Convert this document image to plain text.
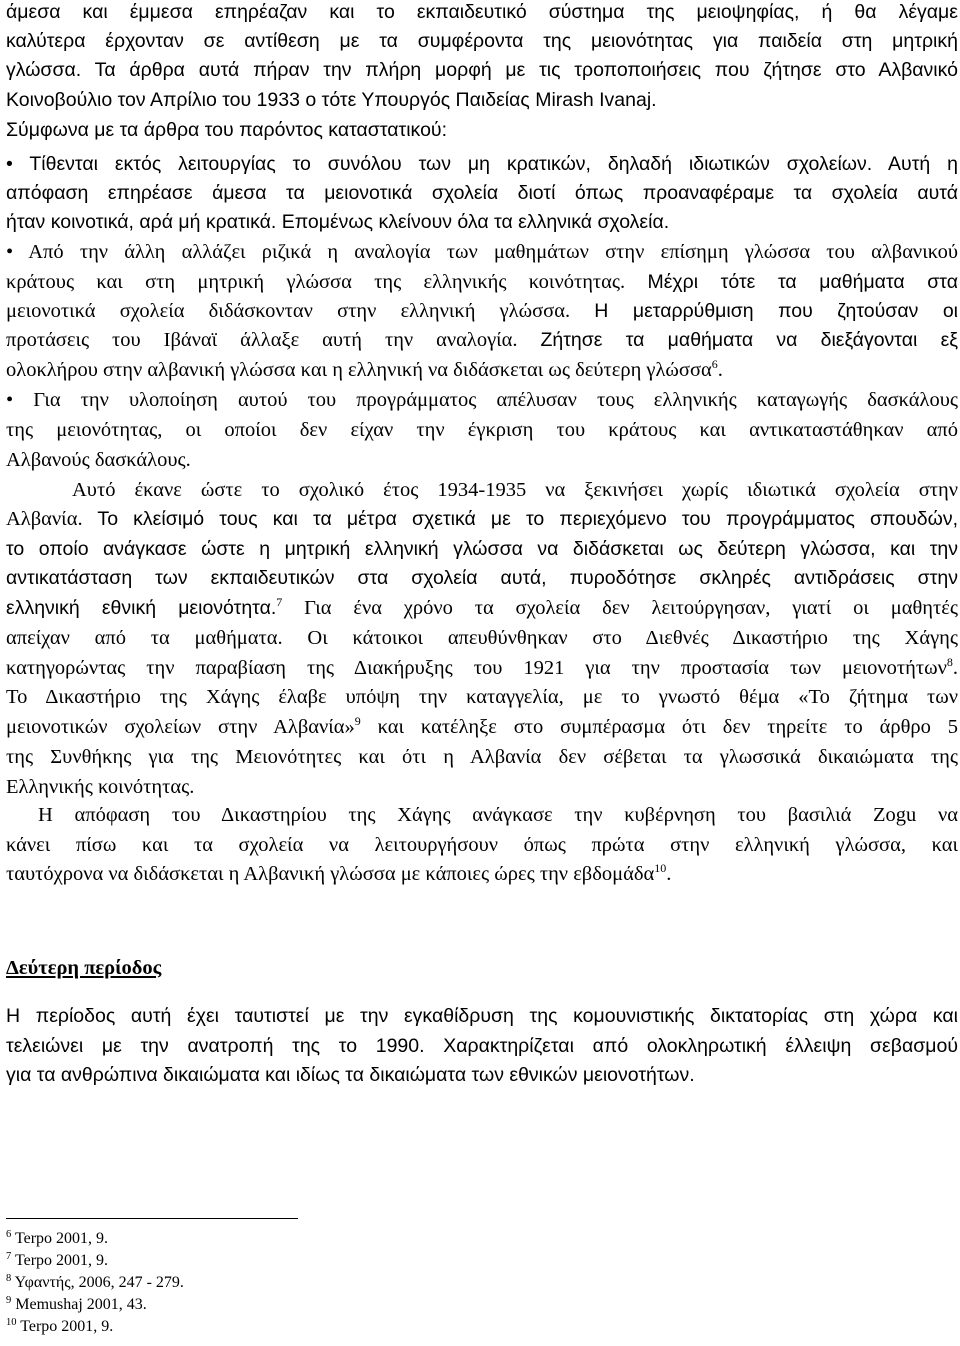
άμεσα και έμμεσα επηρέαζαν και το εκπαιδευτικό σύστημα της μειοψηφίας, ή θα λέγαμε
καλύτερα έρχονταν σε αντίθεση με τα συμφέροντα της μειονότητας για παιδεία στη μητρική
γλώσσα. Τα άρθρα αυτά πήραν την πλήρη μορφή με τις τροποποιήσεις που ζήτησε στο Αλβανικό
Κοινοβούλιο τον Απρίλιο του 1933 ο τότε Υπουργός Παιδείας Mirash Ivanaj.
Σύμφωνα με τα άρθρα του παρόντος καταστατικού:
• Τίθενται εκτός λειτουργίας το συνόλου των μη κρατικών, δηλαδή ιδιωτικών σχολείων. Αυτή η
απόφαση επηρέασε άμεσα τα μειονοτικά σχολεία διοτί όπως προαναφέραμε τα σχολεία αυτά
ήταν κοινοτικά, αρά μή κρατικά. Επομένως κλείνουν όλα τα ελληνικά σχολεία.
• Από την άλλη αλλάζει ριζικά η αναλογία των μαθημάτων στην επίσημη γλώσσα του αλβανικού
κράτους και στη μητρική γλώσσα της ελληνικής κοινότητας. Μέχρι τότε τα μαθήματα στα
μειονοτικά σχολεία διδάσκονταν στην ελληνική γλώσσα. Η μεταρρύθμιση που ζητούσαν οι
προτάσεις του Ιβάναϊ άλλαξε αυτή την αναλογία. Ζήτησε τα μαθήματα να διεξάγονται εξ
ολοκλήρου στην αλβανική γλώσσα και η ελληνική να διδάσκεται ως δεύτερη γλώσσα$^6$.
• Για την υλοποίηση αυτού του προγράμματος απέλυσαν τους ελληνικής καταγωγής δασκάλους
της μειονότητας, οι οποίοι δεν είχαν την έγκριση του κράτους και αντικαταστάθηκαν από
Αλβανούς δασκάλους.
Αυτό έκανε ώστε το σχολικό έτος 1934-1935 να ξεκινήσει χωρίς ιδιωτικά σχολεία στην
Αλβανία. Το κλείσιμό τους και τα μέτρα σχετικά με το περιεχόμενο του προγράμματος σπουδών,
το οποίο ανάγκασε ώστε η μητρική ελληνική γλώσσα να διδάσκεται ως δεύτερη γλώσσα, και την
αντικατάσταση των εκπαιδευτικών στα σχολεία αυτά, πυροδότησε σκληρές αντιδράσεις στην
ελληνική εθνική μειονότητα.$^7$ Για ένα χρόνο τα σχολεία δεν λειτούργησαν, γιατί οι μαθητές
απείχαν από τα μαθήματα. Οι κάτοικοι απευθύνθηκαν στο Διεθνές Δικαστήριο της Χάγης
κατηγορώντας την παραβίαση της Διακήρυξης του 1921 για την προστασία των μειονοτήτων$^8$.
Το Δικαστήριο της Χάγης έλαβε υπόψη την καταγγελία, με το γνωστό θέμα «Το ζήτημα των
μειονοτικών σχολείων στην Αλβανία»$^9$ και κατέληξε στο συμπέρασμα ότι δεν τηρείτε το άρθρο 5
της Συνθήκης για της Μειονότητες και ότι η Αλβανία δεν σέβεται τα γλωσσικά δικαιώματα της
Ελληνικής κοινότητας.
Η απόφαση του Δικαστηρίου της Χάγης ανάγκασε την κυβέρνηση του βασιλιά Zogu να
κάνει πίσω και τα σχολεία να λειτουργήσουν όπως πρώτα στην ελληνική γλώσσα, και
ταυτόχρονα να διδάσκεται η Αλβανική γλώσσα με κάποιες ώρες την εβδομάδα$^{10}$.
Δεύτερη περίοδος
Η περίοδος αυτή έχει ταυτιστεί με την εγκαθίδρυση της κομουνιστικής δικτατορίας στη χώρα και
τελειώνει με την ανατροπή της το 1990. Χαρακτηρίζεται από ολοκληρωτική έλλειψη σεβασμού
για τα ανθρώπινα δικαιώματα και ιδίως τα δικαιώματα των εθνικών μειονοτήτων.
$^6$ Terpo 2001, 9.
$^7$ Terpo 2001, 9.
$^8$ Υφαντής, 2006, 247 - 279.
$^9$ Memushaj 2001, 43.
$^{10}$ Terpo 2001, 9.
